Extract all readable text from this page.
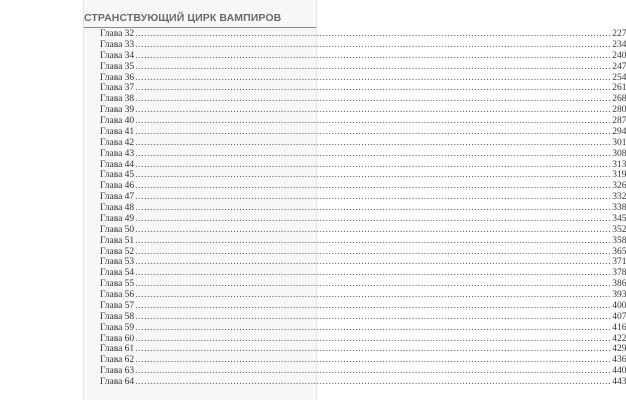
СТРАНСТВУЮЩИЙ ЦИРК ВАМПИРОВ
Глава 32 ................................................................................................................................................................ 227
Глава 33 ................................................................................................................................................................ 234
Глава 34 ................................................................................................................................................................ 240
Глава 35 ................................................................................................................................................................ 247
Глава 36 ................................................................................................................................................................ 254
Глава 37 ................................................................................................................................................................ 261
Глава 38 ................................................................................................................................................................ 268
Глава 39 ................................................................................................................................................................ 280
Глава 40 ................................................................................................................................................................ 287
Глава 41 ................................................................................................................................................................ 294
Глава 42 ................................................................................................................................................................ 301
Глава 43 ................................................................................................................................................................ 308
Глава 44 ................................................................................................................................................................ 313
Глава 45 ................................................................................................................................................................ 319
Глава 46 ................................................................................................................................................................ 326
Глава 47 ................................................................................................................................................................ 332
Глава 48 ................................................................................................................................................................ 338
Глава 49 ................................................................................................................................................................ 345
Глава 50 ................................................................................................................................................................ 352
Глава 51 ................................................................................................................................................................ 358
Глава 52 ................................................................................................................................................................ 365
Глава 53 ................................................................................................................................................................ 371
Глава 54 ................................................................................................................................................................ 378
Глава 55 ................................................................................................................................................................ 386
Глава 56 ................................................................................................................................................................ 393
Глава 57 ................................................................................................................................................................ 400
Глава 58 ................................................................................................................................................................ 407
Глава 59 ................................................................................................................................................................ 416
Глава 60 ................................................................................................................................................................ 422
Глава 61 ................................................................................................................................................................ 429
Глава 62 ................................................................................................................................................................ 436
Глава 63 ................................................................................................................................................................ 440
Глава 64 ................................................................................................................................................................ 443
